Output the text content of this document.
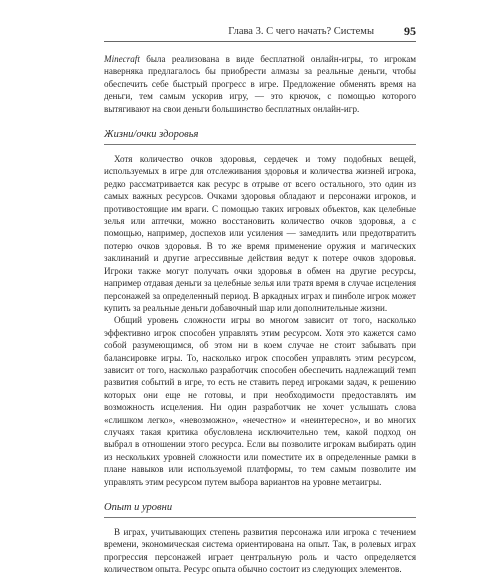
Глава 3. С чего начать? Системы	95

Minecraft была реализована в виде бесплатной онлайн-игры, то игрокам наверняка предлагалось бы приобрести алмазы за реальные деньги, чтобы обеспечить себе быстрый прогресс в игре. Предложение обменять время на деньги, тем самым ускорив игру, — это крючок, с помощью которого вытягивают на свои деньги большинство бесплатных онлайн-игр.

Жизни/очки здоровья

Хотя количество очков здоровья, сердечек и тому подобных вещей, используемых в игре для отслеживания здоровья и количества жизней игрока, редко рассматривается как ресурс в отрыве от всего остального, это один из самых важных ресурсов. Очками здоровья обладают и персонажи игроков, и противостоящие им враги. С помощью таких игровых объектов, как целебные зелья или аптечки, можно восстановить количество очков здоровья, а с помощью, например, доспехов или усиления — замедлить или предотвратить потерю очков здоровья. В то же время применение оружия и магических заклинаний и другие агрессивные действия ведут к потере очков здоровья. Игроки также могут получать очки здоровья в обмен на другие ресурсы, например отдавая деньги за целебные зелья или тратя время в случае исцеления персонажей за определенный период. В аркадных играх и пинболе игрок может купить за реальные деньги добавочный шар или дополнительные жизни.

Общий уровень сложности игры во многом зависит от того, насколько эффективно игрок способен управлять этим ресурсом. Хотя это кажется само собой разумеющимся, об этом ни в коем случае не стоит забывать при балансировке игры. То, насколько игрок способен управлять этим ресурсом, зависит от того, насколько разработчик способен обеспечить надлежащий темп развития событий в игре, то есть не ставить перед игроками задач, к решению которых они еще не готовы, и при необходимости предоставлять им возможность исцеления. Ни один разработчик не хочет услышать слова «слишком легко», «невозможно», «нечестно» и «неинтересно», и во многих случаях такая критика обусловлена исключительно тем, какой подход он выбрал в отношении этого ресурса. Если вы позволите игрокам выбирать один из нескольких уровней сложности или поместите их в определенные рамки в плане навыков или используемой платформы, то тем самым позволите им управлять этим ресурсом путем выбора вариантов на уровне метаигры.

Опыт и уровни

В играх, учитывающих степень развития персонажа или игрока с течением времени, экономическая система ориентирована на опыт. Так, в ролевых играх прогрессия персонажей играет центральную роль и часто определяется количеством опыта. Ресурс опыта обычно состоит из следующих элементов.
